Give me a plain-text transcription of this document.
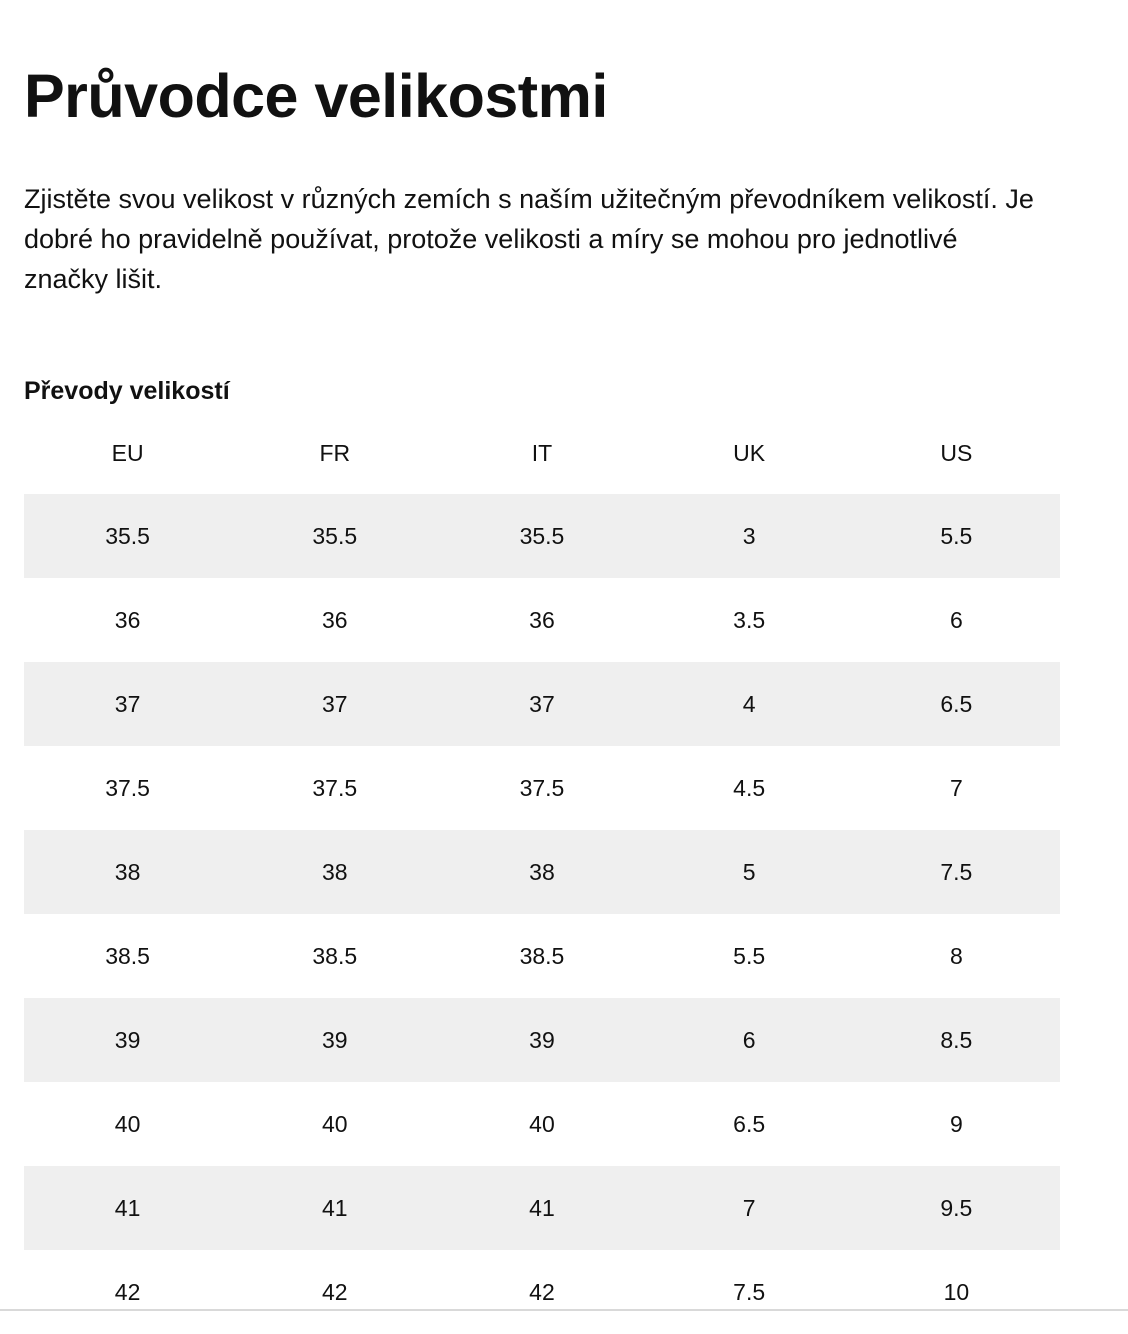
Průvodce velikostmi

Zjistěte svou velikost v různých zemích s naším užitečným převodníkem velikostí. Je dobré ho pravidelně používat, protože velikosti a míry se mohou pro jednotlivé značky lišit.

Převody velikostí
EU	FR	IT	UK	US
35.5	35.5	35.5	3	5.5
36	36	36	3.5	6
37	37	37	4	6.5
37.5	37.5	37.5	4.5	7
38	38	38	5	7.5
38.5	38.5	38.5	5.5	8
39	39	39	6	8.5
40	40	40	6.5	9
41	41	41	7	9.5
42	42	42	7.5	10
